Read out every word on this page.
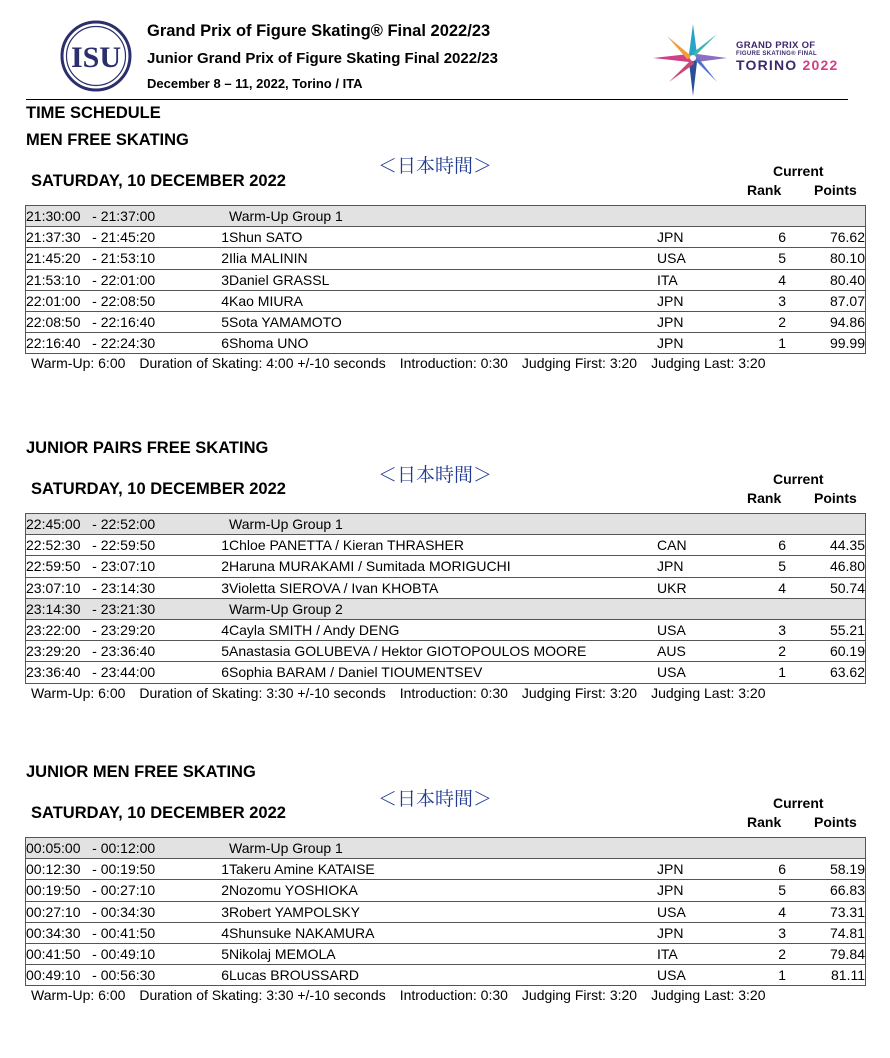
ISU
Grand Prix of Figure Skating® Final 2022/23
Junior Grand Prix of Figure Skating Final 2022/23
December 8 – 11, 2022, Torino / ITA
GRAND PRIX OF
FIGURE SKATING® FINAL
TORINO 2022
TIME SCHEDULE
MEN FREE SKATING
＜日本時間＞
SATURDAY, 10 DECEMBER 2022
Current
Rank Points
21:30:00   - 21:37:00		Warm-Up Group 1			
21:37:30   - 21:45:20	1	Shun SATO	JPN	6	76.62
21:45:20   - 21:53:10	2	Ilia MALININ	USA	5	80.10
21:53:10   - 22:01:00	3	Daniel GRASSL	ITA	4	80.40
22:01:00   - 22:08:50	4	Kao MIURA	JPN	3	87.07
22:08:50   - 22:16:40	5	Sota YAMAMOTO	JPN	2	94.86
22:16:40   - 22:24:30	6	Shoma UNO	JPN	1	99.99
Warm-Up: 6:00 Duration of Skating: 4:00 +/-10 seconds Introduction: 0:30 Judging First: 3:20 Judging Last: 3:20
JUNIOR PAIRS FREE SKATING
＜日本時間＞
SATURDAY, 10 DECEMBER 2022
Current
Rank Points
22:45:00   - 22:52:00		Warm-Up Group 1			
22:52:30   - 22:59:50	1	Chloe PANETTA / Kieran THRASHER	CAN	6	44.35
22:59:50   - 23:07:10	2	Haruna MURAKAMI / Sumitada MORIGUCHI	JPN	5	46.80
23:07:10   - 23:14:30	3	Violetta SIEROVA / Ivan KHOBTA	UKR	4	50.74
23:14:30   - 23:21:30		Warm-Up Group 2			
23:22:00   - 23:29:20	4	Cayla SMITH / Andy DENG	USA	3	55.21
23:29:20   - 23:36:40	5	Anastasia GOLUBEVA / Hektor GIOTOPOULOS MOORE	AUS	2	60.19
23:36:40   - 23:44:00	6	Sophia BARAM / Daniel TIOUMENTSEV	USA	1	63.62
Warm-Up: 6:00 Duration of Skating: 3:30 +/-10 seconds Introduction: 0:30 Judging First: 3:20 Judging Last: 3:20
JUNIOR MEN FREE SKATING
＜日本時間＞
SATURDAY, 10 DECEMBER 2022
Current
Rank Points
00:05:00   - 00:12:00		Warm-Up Group 1			
00:12:30   - 00:19:50	1	Takeru Amine KATAISE	JPN	6	58.19
00:19:50   - 00:27:10	2	Nozomu YOSHIOKA	JPN	5	66.83
00:27:10   - 00:34:30	3	Robert YAMPOLSKY	USA	4	73.31
00:34:30   - 00:41:50	4	Shunsuke NAKAMURA	JPN	3	74.81
00:41:50   - 00:49:10	5	Nikolaj MEMOLA	ITA	2	79.84
00:49:10   - 00:56:30	6	Lucas BROUSSARD	USA	1	81.11
Warm-Up: 6:00 Duration of Skating: 3:30 +/-10 seconds Introduction: 0:30 Judging First: 3:20 Judging Last: 3:20
